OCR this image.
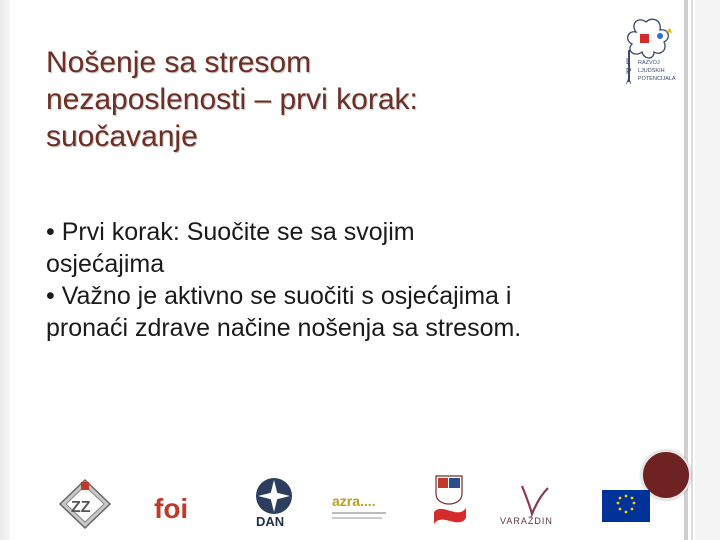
Nošenje sa stresom
nezaposlenosti – prvi korak:
suočavanje
• Prvi korak: Suočite se sa svojim
osjećajima
• Važno je aktivno se suočiti s osjećajima i
pronaći zdrave načine nošenja sa stresom.
L
P
A
RAZVOJ
LJUDSKIH
POTENCIJALA
ZZ foi	DAN
azra....
VARAŽDIN
